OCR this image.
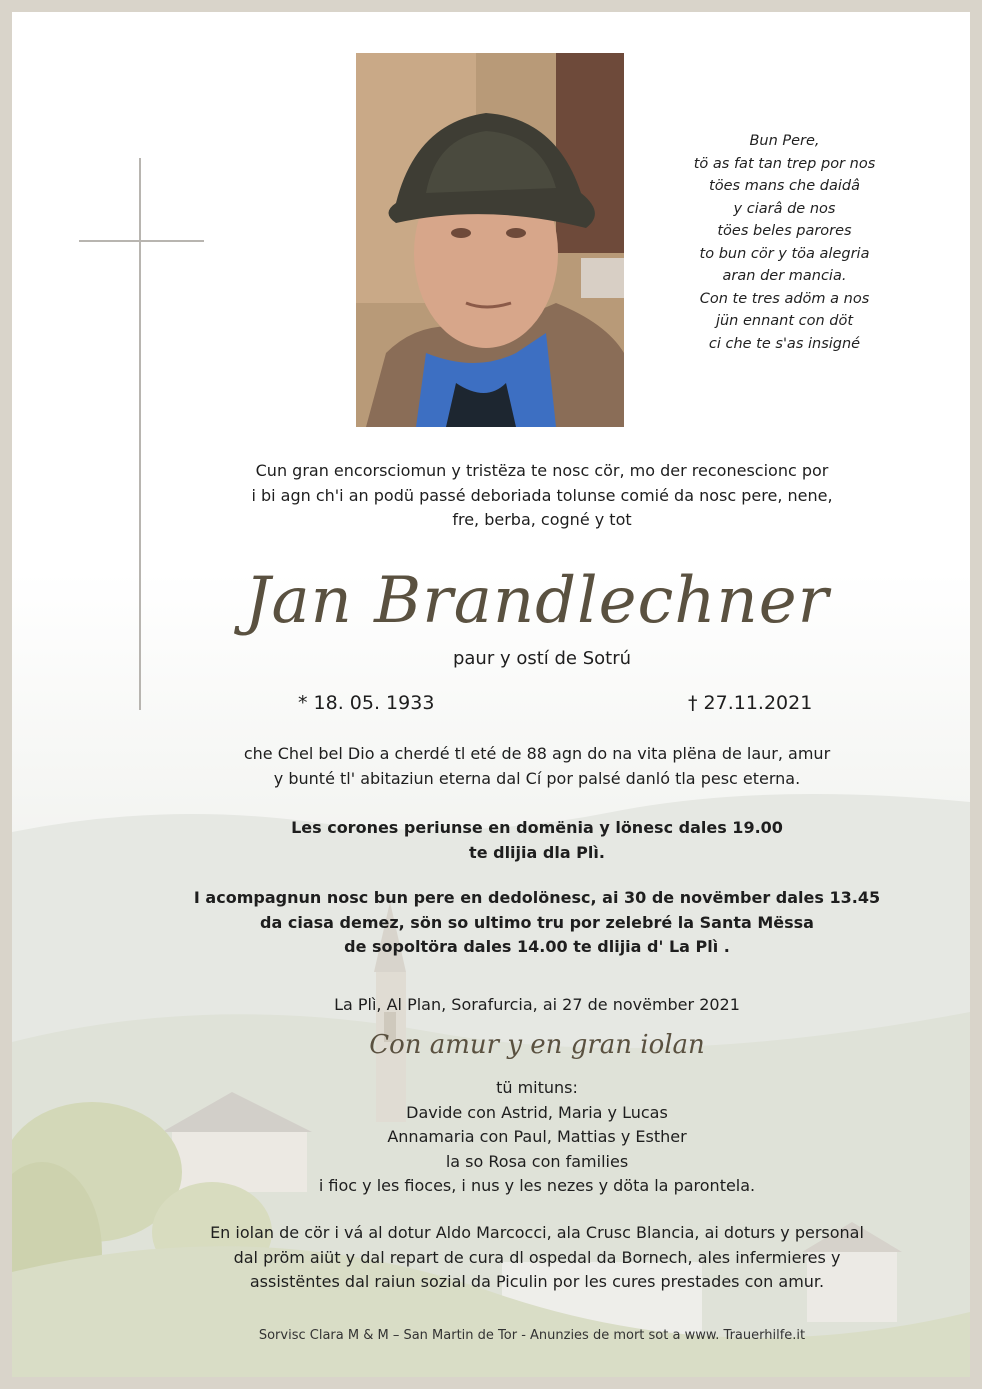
Bun Pere,
tö as fat tan trep por nos
töes mans che daidâ
y ciarâ de nos
töes beles parores
to bun cör y töa alegria
aran der mancia.
Con te tres adöm a nos
jün ennant con döt
ci che te s'as insigné
Cun gran encorsciomun y tristëza te nosc cör, mo der reconescionc por
i bi agn ch'i an podü passé deboriada tolunse comié da nosc pere, nene,
fre, berba, cogné y tot
Jan Brandlechner
paur y ostí de Sotrú
* 18. 05. 1933	† 27.11.2021
che Chel bel Dio a cherdé tl eté de 88 agn do na vita plëna de laur, amur
y bunté tl' abitaziun eterna dal Cí por palsé danló tla pesc eterna.
Les corones periunse en domënia y lönesc dales 19.00
te dlijia dla Plì.
I acompagnun nosc bun pere en dedolönesc, ai 30 de novëmber dales 13.45
da ciasa demez, sön so ultimo tru por zelebré la Santa Mëssa
de sopoltöra dales 14.00 te dlijia d' La Plì .
La Plì, Al Plan, Sorafurcia, ai 27 de novëmber 2021
Con amur y en gran iolan
tü mituns:
Davide con Astrid, Maria y Lucas
Annamaria con Paul, Mattias y Esther
la so Rosa con families
i fioc y les fioces, i nus y les nezes y döta la parontela.
En iolan de cör i vá al dotur Aldo Marcocci, ala Crusc Blancia, ai doturs y personal
dal pröm aiüt y dal repart de cura dl ospedal da Bornech, ales infermieres y
assistëntes dal raiun sozial da Piculin por les cures prestades con amur.
Sorvisc Clara M & M – San Martin de Tor - Anunzies de mort sot a www. Trauerhilfe.it
